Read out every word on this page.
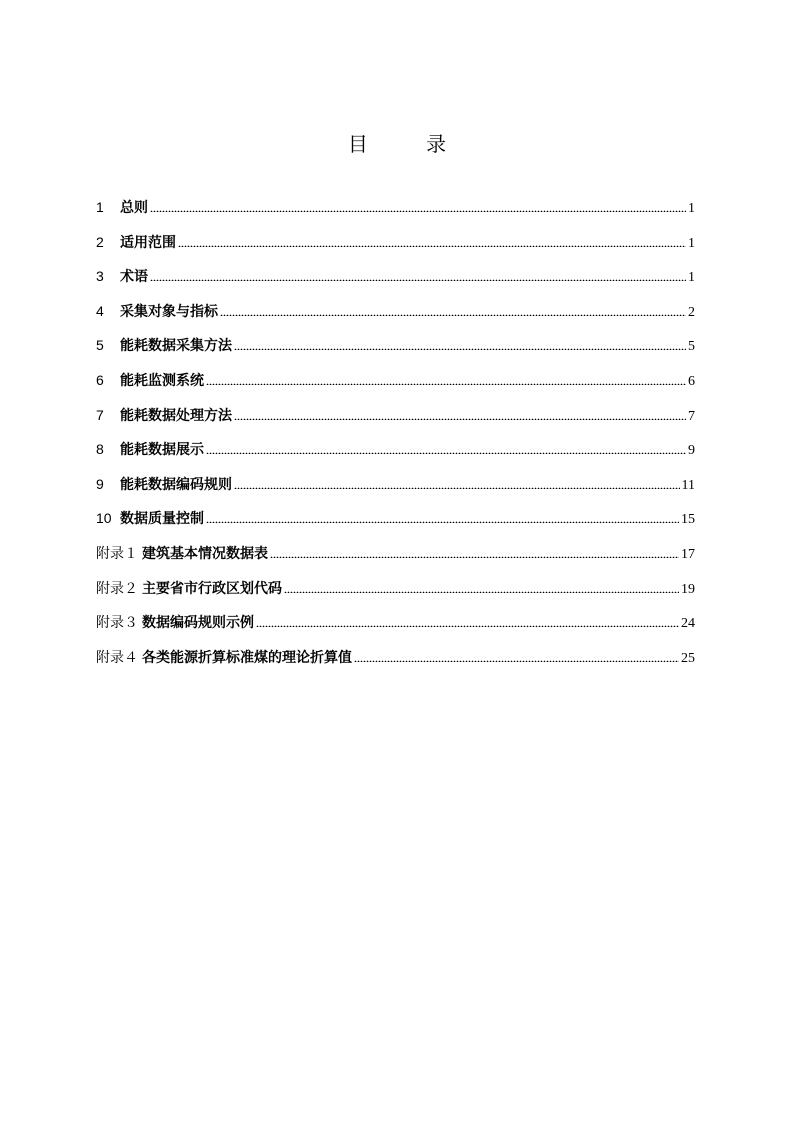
目 录
1	总则	1
2	适用范围	1
3	术语	1
4	采集对象与指标	2
5	能耗数据采集方法	5
6	能耗监测系统	6
7	能耗数据处理方法	7
8	能耗数据展示	9
9	能耗数据编码规则	11
10 数据质量控制	15
附录１ 建筑基本情况数据表	17
附录２ 主要省市行政区划代码	19
附录３ 数据编码规则示例	24
附录４ 各类能源折算标准煤的理论折算值	25
